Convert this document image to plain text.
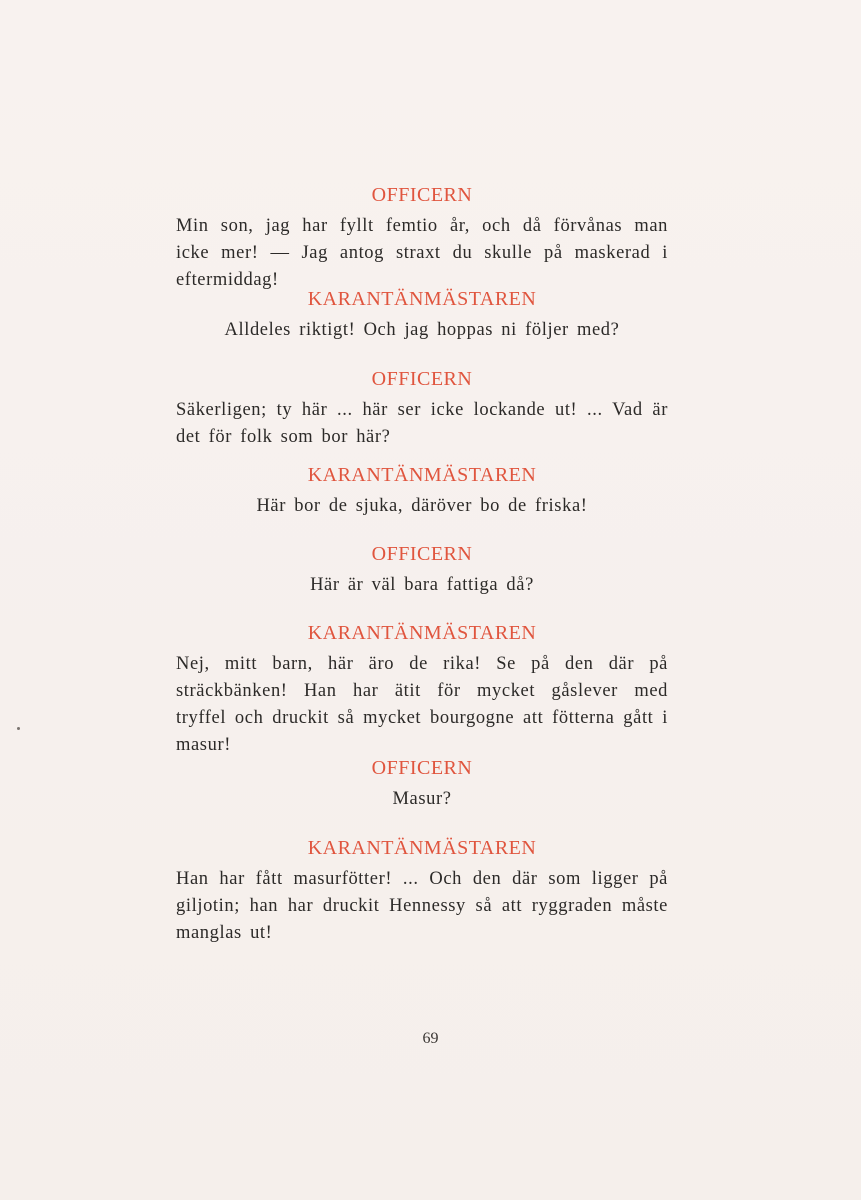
OFFICERN

Min son, jag har fyllt femtio år, och då förvånas man icke mer! — Jag antog straxt du skulle på maskerad i eftermiddag!

KARANTÄNMÄSTAREN

Alldeles riktigt! Och jag hoppas ni följer med?

OFFICERN

Säkerligen; ty här ... här ser icke lockande ut! ... Vad är det för folk som bor här?

KARANTÄNMÄSTAREN

Här bor de sjuka, däröver bo de friska!

OFFICERN

Här är väl bara fattiga då?

KARANTÄNMÄSTAREN

Nej, mitt barn, här äro de rika! Se på den där på sträckbänken! Han har ätit för mycket gåslever med tryffel och druckit så mycket bourgogne att fötterna gått i masur!

OFFICERN

Masur?

KARANTÄNMÄSTAREN

Han har fått masurfötter! ... Och den där som ligger på giljotin; han har druckit Hennessy så att ryggraden måste manglas ut!

69
